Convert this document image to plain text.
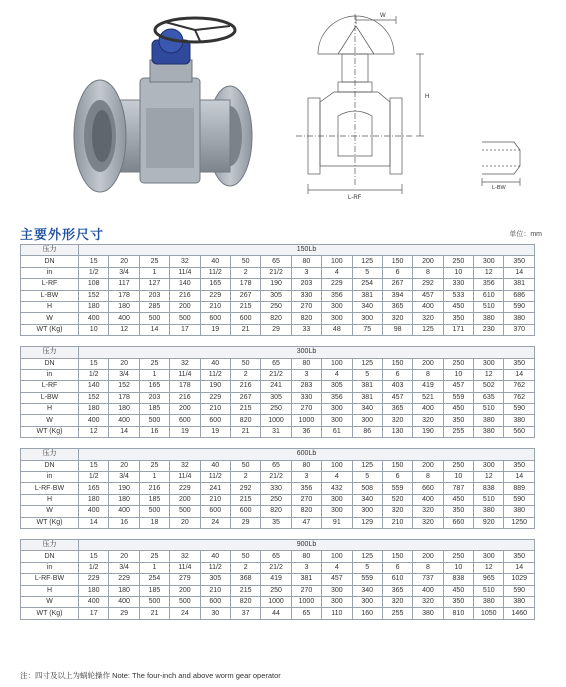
W
H
L-RF
L-BW
主要外形尺寸	单位：mm
压力	150Lb														
DN	15	20	25	32	40	50	65	80	100	125	150	200	250	300	350
in	1/2	3/4	1	11/4	11/2	2	21/2	3	4	5	6	8	10	12	14
L-RF	108	117	127	140	165	178	190	203	229	254	267	292	330	356	381
L-BW	152	178	203	216	229	267	305	330	356	381	394	457	533	610	686
H	180	180	285	200	210	215	250	270	300	340	365	400	450	510	590
W	400	400	500	500	600	600	820	820	300	300	320	320	350	380	380
WT (Kg)	10	12	14	17	19	21	29	33	48	75	98	125	171	230	370
压力	300Lb														
DN	15	20	25	32	40	50	65	80	100	125	150	200	250	300	350
in	1/2	3/4	1	11/4	11/2	2	21/2	3	4	5	6	8	10	12	14
L-RF	140	152	165	178	190	216	241	283	305	381	403	419	457	502	762
L-BW	152	178	203	216	229	267	305	330	356	381	457	521	559	635	762
H	180	180	185	200	210	215	250	270	300	340	365	400	450	510	590
W	400	400	500	600	600	820	1000	1000	300	300	320	320	350	380	380
WT (Kg)	12	14	16	19	19	21	31	36	61	86	130	190	255	380	560
压力	600Lb														
DN	15	20	25	32	40	50	65	80	100	125	150	200	250	300	350
in	1/2	3/4	1	11/4	11/2	2	21/2	3	4	5	6	8	10	12	14
L-RF·BW	165	190	216	229	241	292	330	356	432	508	559	660	787	838	889
H	180	180	185	200	210	215	250	270	300	340	520	400	450	510	590
W	400	400	500	500	600	600	820	820	300	300	320	320	350	380	380
WT (Kg)	14	16	18	20	24	29	35	47	91	129	210	320	660	920	1250
压力	900Lb														
DN	15	20	25	32	40	50	65	80	100	125	150	200	250	300	350
in	1/2	3/4	1	11/4	11/2	2	21/2	3	4	5	6	8	10	12	14
L-RF·BW	229	229	254	279	305	368	419	381	457	559	610	737	838	965	1029
H	180	180	185	200	210	215	250	270	300	340	365	400	450	510	590
W	400	400	500	500	600	820	1000	1000	300	300	320	320	350	380	380
WT (Kg)	17	29	21	24	30	37	44	65	110	160	255	380	810	1050	1460
注：四寸及以上为蜗轮操作 Note: The four-inch and above worm gear operator
